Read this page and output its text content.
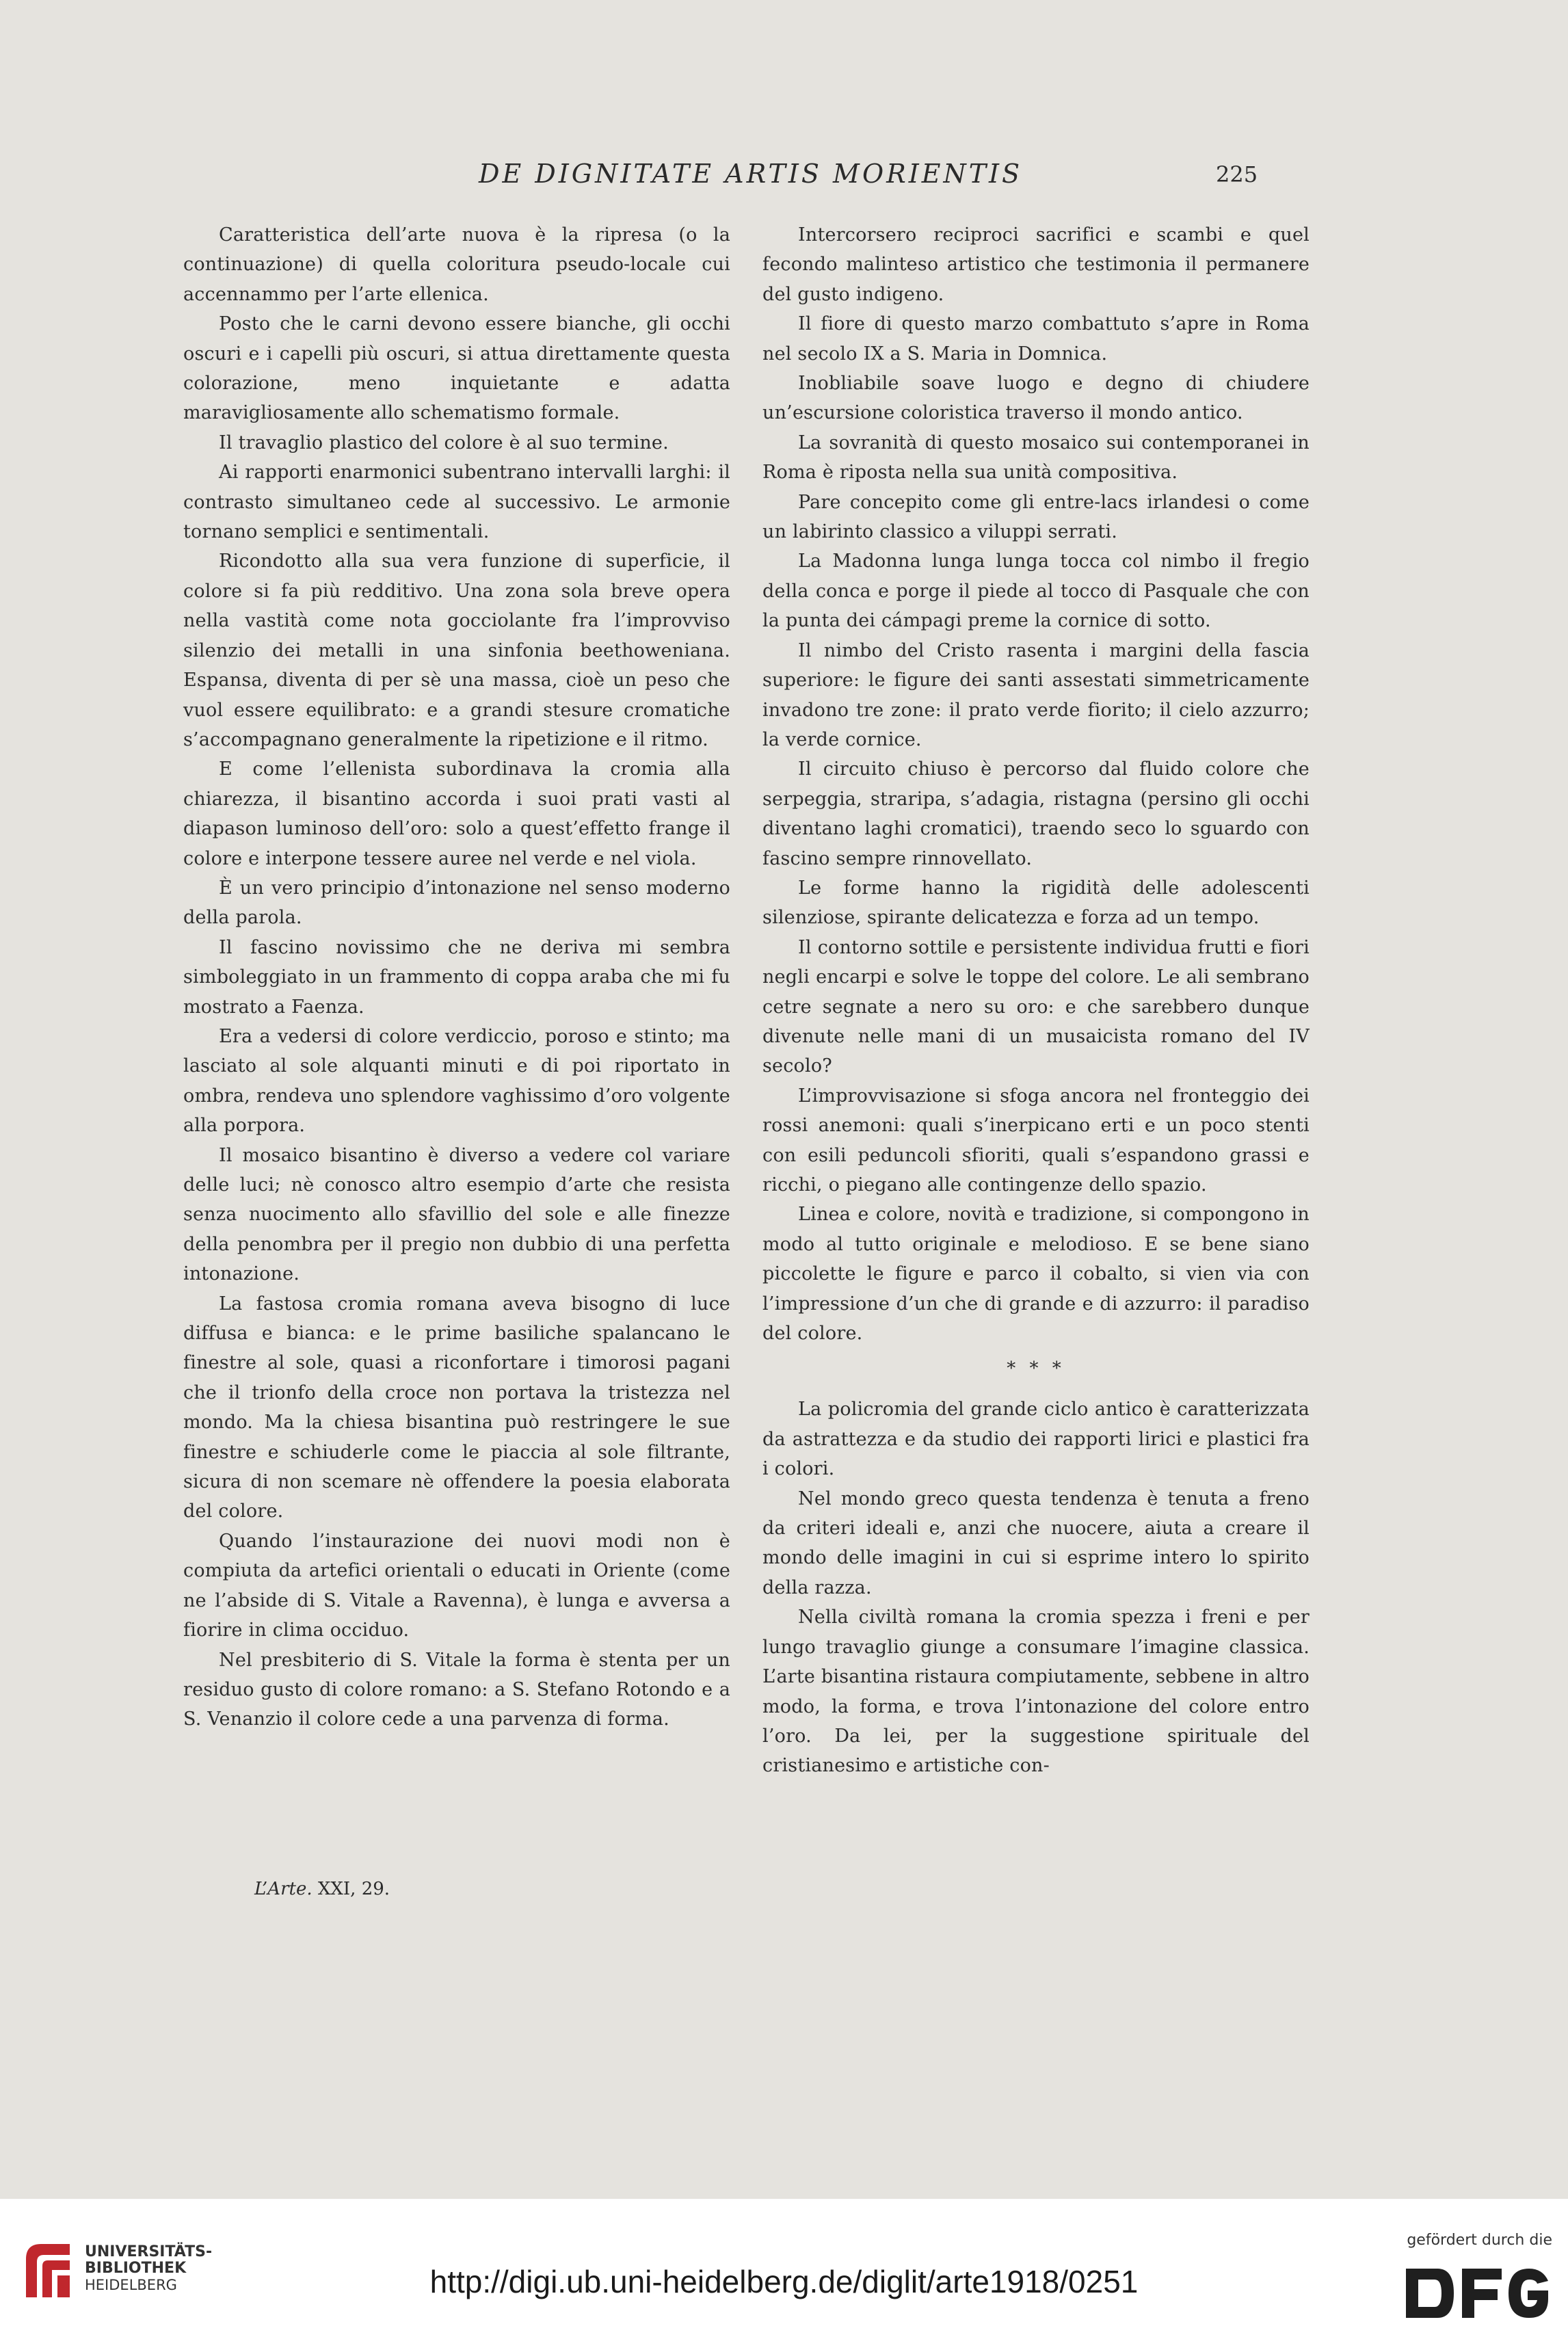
DE DIGNITATE ARTIS MORIENTIS	225

Caratteristica dell’arte nuova è la ripresa (o la continuazione) di quella coloritura pseudo-locale cui accennammo per l’arte ellenica.

Posto che le carni devono essere bianche, gli occhi oscuri e i capelli più oscuri, si attua direttamente questa colorazione, meno inquietante e adatta maravigliosamente allo schematismo formale.

Il travaglio plastico del colore è al suo termine.

Ai rapporti enarmonici subentrano intervalli larghi: il contrasto simultaneo cede al successivo. Le armonie tornano semplici e sentimentali.

Ricondotto alla sua vera funzione di superficie, il colore si fa più redditivo. Una zona sola breve opera nella vastità come nota gocciolante fra l’improvviso silenzio dei metalli in una sinfonia beethoweniana. Espansa, diventa di per sè una massa, cioè un peso che vuol essere equilibrato: e a grandi stesure cromatiche s’accompagnano generalmente la ripetizione e il ritmo.

E come l’ellenista subordinava la cromia alla chiarezza, il bisantino accorda i suoi prati vasti al diapason luminoso dell’oro: solo a quest’effetto frange il colore e interpone tessere auree nel verde e nel viola.

È un vero principio d’intonazione nel senso moderno della parola.

Il fascino novissimo che ne deriva mi sembra simboleggiato in un frammento di coppa araba che mi fu mostrato a Faenza.

Era a vedersi di colore verdiccio, poroso e stinto; ma lasciato al sole alquanti minuti e di poi riportato in ombra, rendeva uno splendore vaghissimo d’oro volgente alla porpora.

Il mosaico bisantino è diverso a vedere col variare delle luci; nè conosco altro esempio d’arte che resista senza nuocimento allo sfavillio del sole e alle finezze della penombra per il pregio non dubbio di una perfetta intonazione.

La fastosa cromia romana aveva bisogno di luce diffusa e bianca: e le prime basiliche spalancano le finestre al sole, quasi a riconfortare i timorosi pagani che il trionfo della croce non portava la tristezza nel mondo. Ma la chiesa bisantina può restringere le sue finestre e schiuderle come le piaccia al sole filtrante, sicura di non scemare nè offendere la poesia elaborata del colore.

Quando l’instaurazione dei nuovi modi non è compiuta da artefici orientali o educati in Oriente (come ne l’abside di S. Vitale a Ravenna), è lunga e avversa a fiorire in clima occiduo.

Nel presbiterio di S. Vitale la forma è stenta per un residuo gusto di colore romano: a S. Stefano Rotondo e a S. Venanzio il colore cede a una parvenza di forma.

Intercorsero reciproci sacrifici e scambi e quel fecondo malinteso artistico che testimonia il permanere del gusto indigeno.

Il fiore di questo marzo combattuto s’apre in Roma nel secolo IX a S. Maria in Domnica.

Inobliabile soave luogo e degno di chiudere un’escursione coloristica traverso il mondo antico.

La sovranità di questo mosaico sui contemporanei in Roma è riposta nella sua unità compositiva.

Pare concepito come gli entre-lacs irlandesi o come un labirinto classico a viluppi serrati.

La Madonna lunga lunga tocca col nimbo il fregio della conca e porge il piede al tocco di Pasquale che con la punta dei cámpagi preme la cornice di sotto.

Il nimbo del Cristo rasenta i margini della fascia superiore: le figure dei santi assestati simmetricamente invadono tre zone: il prato verde fiorito; il cielo azzurro; la verde cornice.

Il circuito chiuso è percorso dal fluido colore che serpeggia, straripa, s’adagia, ristagna (persino gli occhi diventano laghi cromatici), traendo seco lo sguardo con fascino sempre rinnovellato.

Le forme hanno la rigidità delle adolescenti silenziose, spirante delicatezza e forza ad un tempo.

Il contorno sottile e persistente individua frutti e fiori negli encarpi e solve le toppe del colore. Le ali sembrano cetre segnate a nero su oro: e che sarebbero dunque divenute nelle mani di un musaicista romano del IV secolo?

L’improvvisazione si sfoga ancora nel fronteggio dei rossi anemoni: quali s’inerpicano erti e un poco stenti con esili peduncoli sfioriti, quali s’espandono grassi e ricchi, o piegano alle contingenze dello spazio.

Linea e colore, novità e tradizione, si compongono in modo al tutto originale e melodioso. E se bene siano piccolette le figure e parco il cobalto, si vien via con l’impressione d’un che di grande e di azzurro: il paradiso del colore.

* * *

La policromia del grande ciclo antico è caratterizzata da astrattezza e da studio dei rapporti lirici e plastici fra i colori.

Nel mondo greco questa tendenza è tenuta a freno da criteri ideali e, anzi che nuocere, aiuta a creare il mondo delle imagini in cui si esprime intero lo spirito della razza.

Nella civiltà romana la cromia spezza i freni e per lungo travaglio giunge a consumare l’imagine classica. L’arte bisantina ristaura compiutamente, sebbene in altro modo, la forma, e trova l’intonazione del colore entro l’oro. Da lei, per la suggestione spirituale del cristianesimo e artistiche con-

L’Arte. XXI, 29.
UNIVERSITÄTS-
BIBLIOTHEK
HEIDELBERG	http://digi.ub.uni-heidelberg.de/diglit/arte1918/0251
gefördert durch die
